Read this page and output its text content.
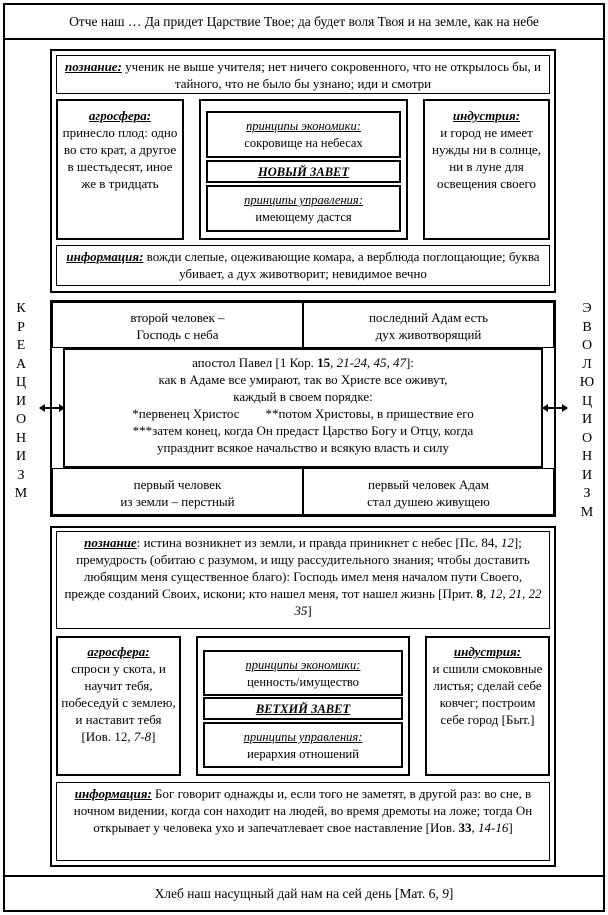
Отче наш … Да придет Царствие Твое; да будет воля Твоя и на земле, как на небе
Хлеб наш насущный дай нам на сей день [Мат. 6, 9]
К
Р
Е
А
Ц
И
О
Н
И
З
М
Э
В
О
Л
Ю
Ц
И
О
Н
И
З
М
познание: ученик не выше учителя; нет ничего сокровенного, что не открылось бы, и тайного, что не было бы узнано; иди и смотри
агросфера:
принесло плод: одно во сто крат, а другое в шестьдесят, иное же в тридцать
принципы экономики:
сокровище на небесах
НОВЫЙ ЗАВЕТ
принципы управления:
имеющему дастся
индустрия:
и город не имеет нужды ни в солнце, ни в луне для освещения своего
информация: вожди слепые, оцеживающие комара, а верблюда поглощающие; буква убивает, а дух животворит; невидимое вечно
второй человек –
Господь с неба
последний Адам есть
дух животворящий
апостол Павел [1 Кор. 15, 21-24, 45, 47]:
как в Адаме все умирают, так во Христе все оживут,
каждый в своем порядке:
*первенец Христос        **потом Христовы, в пришествие его
***затем конец, когда Он предаст Царство Богу и Отцу, когда
упразднит всякое начальство и всякую власть и силу
первый человек
из земли – перстный
первый человек Адам
стал душею живущею
познание: истина возникнет из земли, и правда приникнет с небес [Пс. 84, 12]; премудрость (обитаю с разумом, и ищу рассудительного знания; чтобы доставить любящим меня существенное благо): Господь имел меня началом пути Своего, прежде созданий Своих, искони; кто нашел меня, тот нашел жизнь [Прит. 8, 12, 21, 22 35]
агросфера:
спроси у скота, и научит тебя, побеседуй с землею, и наставит тебя [Иов. 12, 7-8]
принципы экономики:
ценность/имущество
ВЕТХИЙ ЗАВЕТ
принципы управления:
иерархия отношений
индустрия:
и сшили смоковные листья; сделай себе ковчег; построим себе город [Быт.]
информация: Бог говорит однажды и, если того не заметят, в другой раз: во сне, в ночном видении, когда сон находит на людей, во время дремоты на ложе; тогда Он открывает у человека ухо и запечатлевает свое наставление [Иов. 33, 14-16]
